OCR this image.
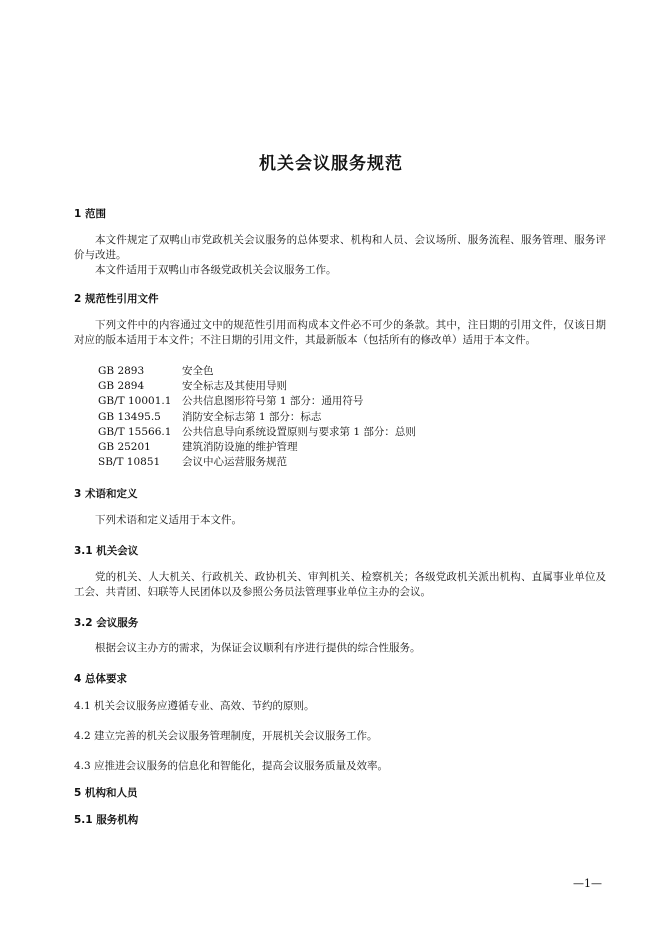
机关会议服务规范
1 范围
本文件规定了双鸭山市党政机关会议服务的总体要求、机构和人员、会议场所、服务流程、服务管理、服务评价与改进。
本文件适用于双鸭山市各级党政机关会议服务工作。
2 规范性引用文件
下列文件中的内容通过文中的规范性引用而构成本文件必不可少的条款。其中，注日期的引用文件，仅该日期对应的版本适用于本文件；不注日期的引用文件，其最新版本（包括所有的修改单）适用于本文件。
GB 2893	安全色
GB 2894	安全标志及其使用导则
GB/T 10001.1	公共信息图形符号第 1 部分：通用符号
GB 13495.5	消防安全标志第 1 部分：标志
GB/T 15566.1	公共信息导向系统设置原则与要求第 1 部分：总则
GB 25201	建筑消防设施的维护管理
SB/T 10851	会议中心运营服务规范
3 术语和定义
下列术语和定义适用于本文件。
3.1 机关会议
党的机关、人大机关、行政机关、政协机关、审判机关、检察机关；各级党政机关派出机构、直属事业单位及工会、共青团、妇联等人民团体以及参照公务员法管理事业单位主办的会议。
3.2 会议服务
根据会议主办方的需求，为保证会议顺利有序进行提供的综合性服务。
4 总体要求
4.1 机关会议服务应遵循专业、高效、节约的原则。
4.2 建立完善的机关会议服务管理制度，开展机关会议服务工作。
4.3 应推进会议服务的信息化和智能化，提高会议服务质量及效率。
5 机构和人员
5.1 服务机构
—1—
